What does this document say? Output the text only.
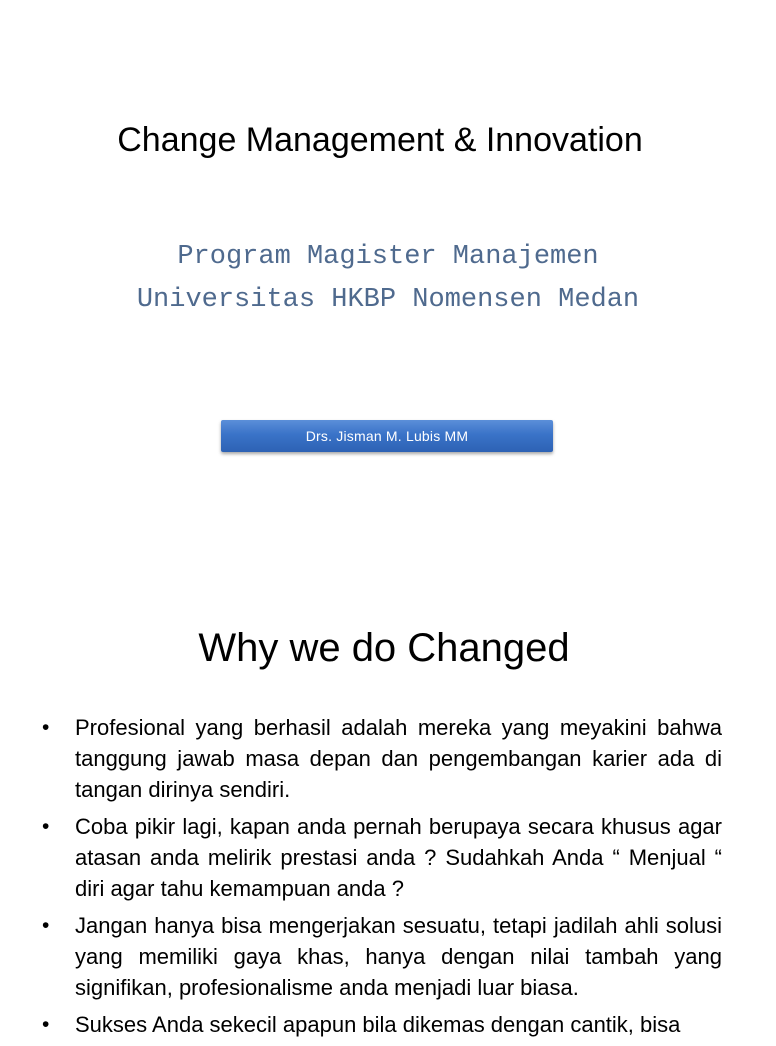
Change Management & Innovation
Program Magister Manajemen
Universitas HKBP Nomensen Medan
Drs. Jisman M. Lubis MM
Why we do Changed
• Profesional yang berhasil adalah mereka yang meyakini bahwa tanggung jawab masa depan dan pengembangan karier ada di tangan dirinya sendiri.
• Coba pikir lagi, kapan anda pernah berupaya secara khusus agar atasan anda melirik prestasi anda ? Sudahkah Anda “ Menjual “ diri agar tahu kemampuan anda ?
• Jangan hanya bisa mengerjakan sesuatu, tetapi jadilah ahli solusi yang memiliki gaya khas, hanya dengan nilai tambah yang signifikan, profesionalisme anda menjadi luar biasa.
• Sukses Anda sekecil apapun bila dikemas dengan cantik, bisa
